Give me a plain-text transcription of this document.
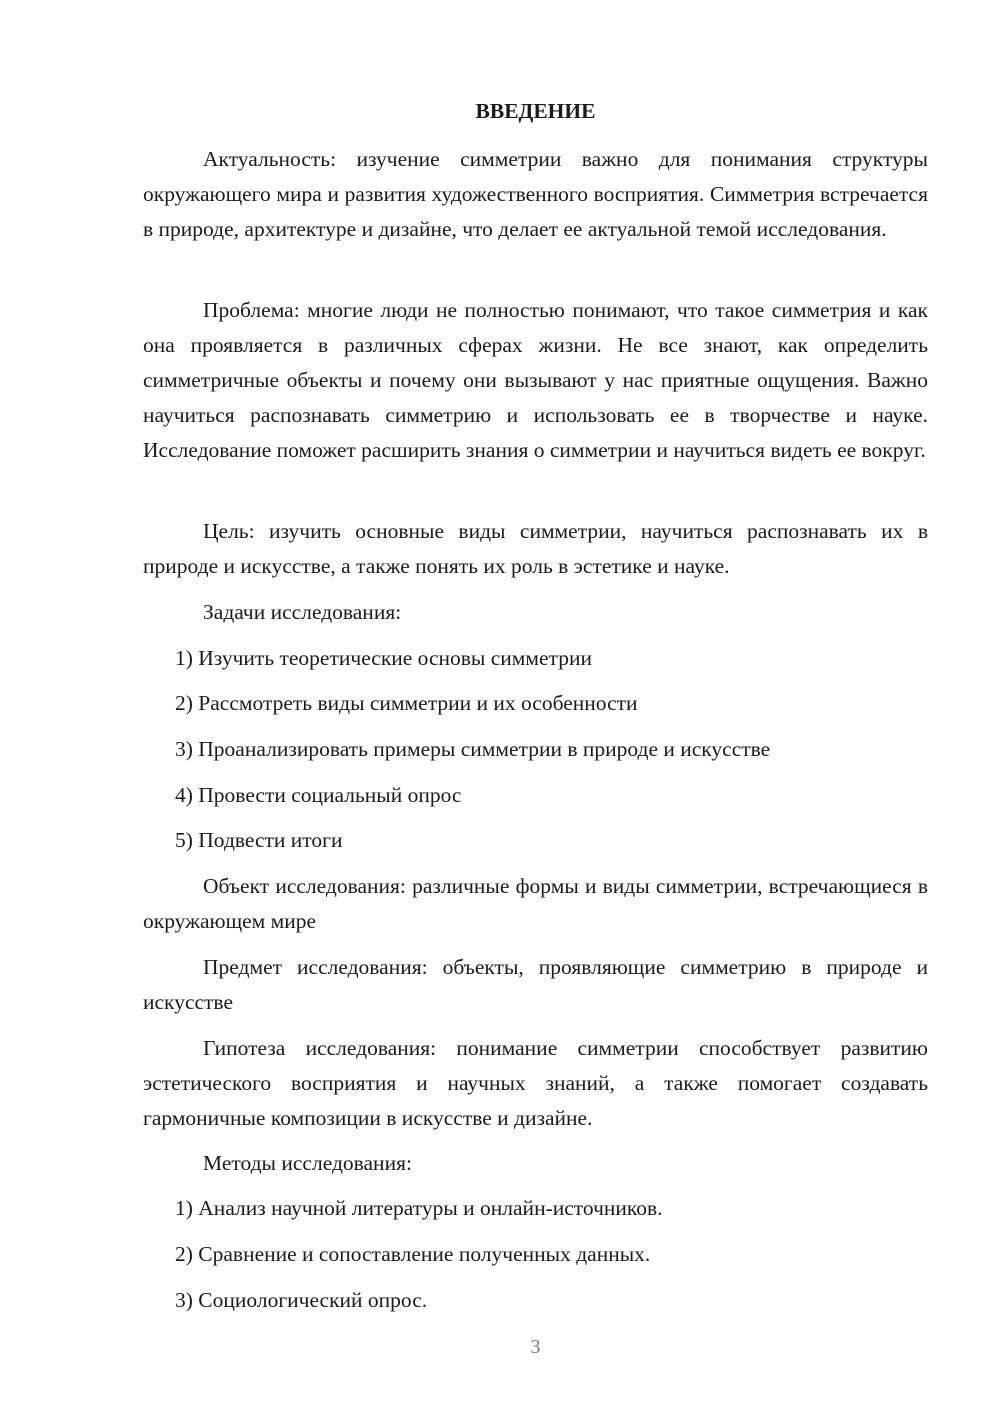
ВВЕДЕНИЕ

Актуальность: изучение симметрии важно для понимания структуры окружающего мира и развития художественного восприятия. Симметрия встречается в природе, архитектуре и дизайне, что делает ее актуальной темой исследования.

Проблема: многие люди не полностью понимают, что такое симметрия и как она проявляется в различных сферах жизни. Не все знают, как определить симметричные объекты и почему они вызывают у нас приятные ощущения. Важно научиться распознавать симметрию и использовать ее в творчестве и науке. Исследование поможет расширить знания о симметрии и научиться видеть ее вокруг.

Цель: изучить основные виды симметрии, научиться распознавать их в природе и искусстве, а также понять их роль в эстетике и науке.

Задачи исследования:
1) Изучить теоретические основы симметрии
2) Рассмотреть виды симметрии и их особенности
3) Проанализировать примеры симметрии в природе и искусстве
4) Провести социальный опрос
5) Подвести итоги

Объект исследования: различные формы и виды симметрии, встречающиеся в окружающем мире

Предмет исследования: объекты, проявляющие симметрию в природе и искусстве

Гипотеза исследования: понимание симметрии способствует развитию эстетического восприятия и научных знаний, а также помогает создавать гармоничные композиции в искусстве и дизайне.

Методы исследования:
1) Анализ научной литературы и онлайн-источников.
2) Сравнение и сопоставление полученных данных.
3) Социологический опрос.
3
